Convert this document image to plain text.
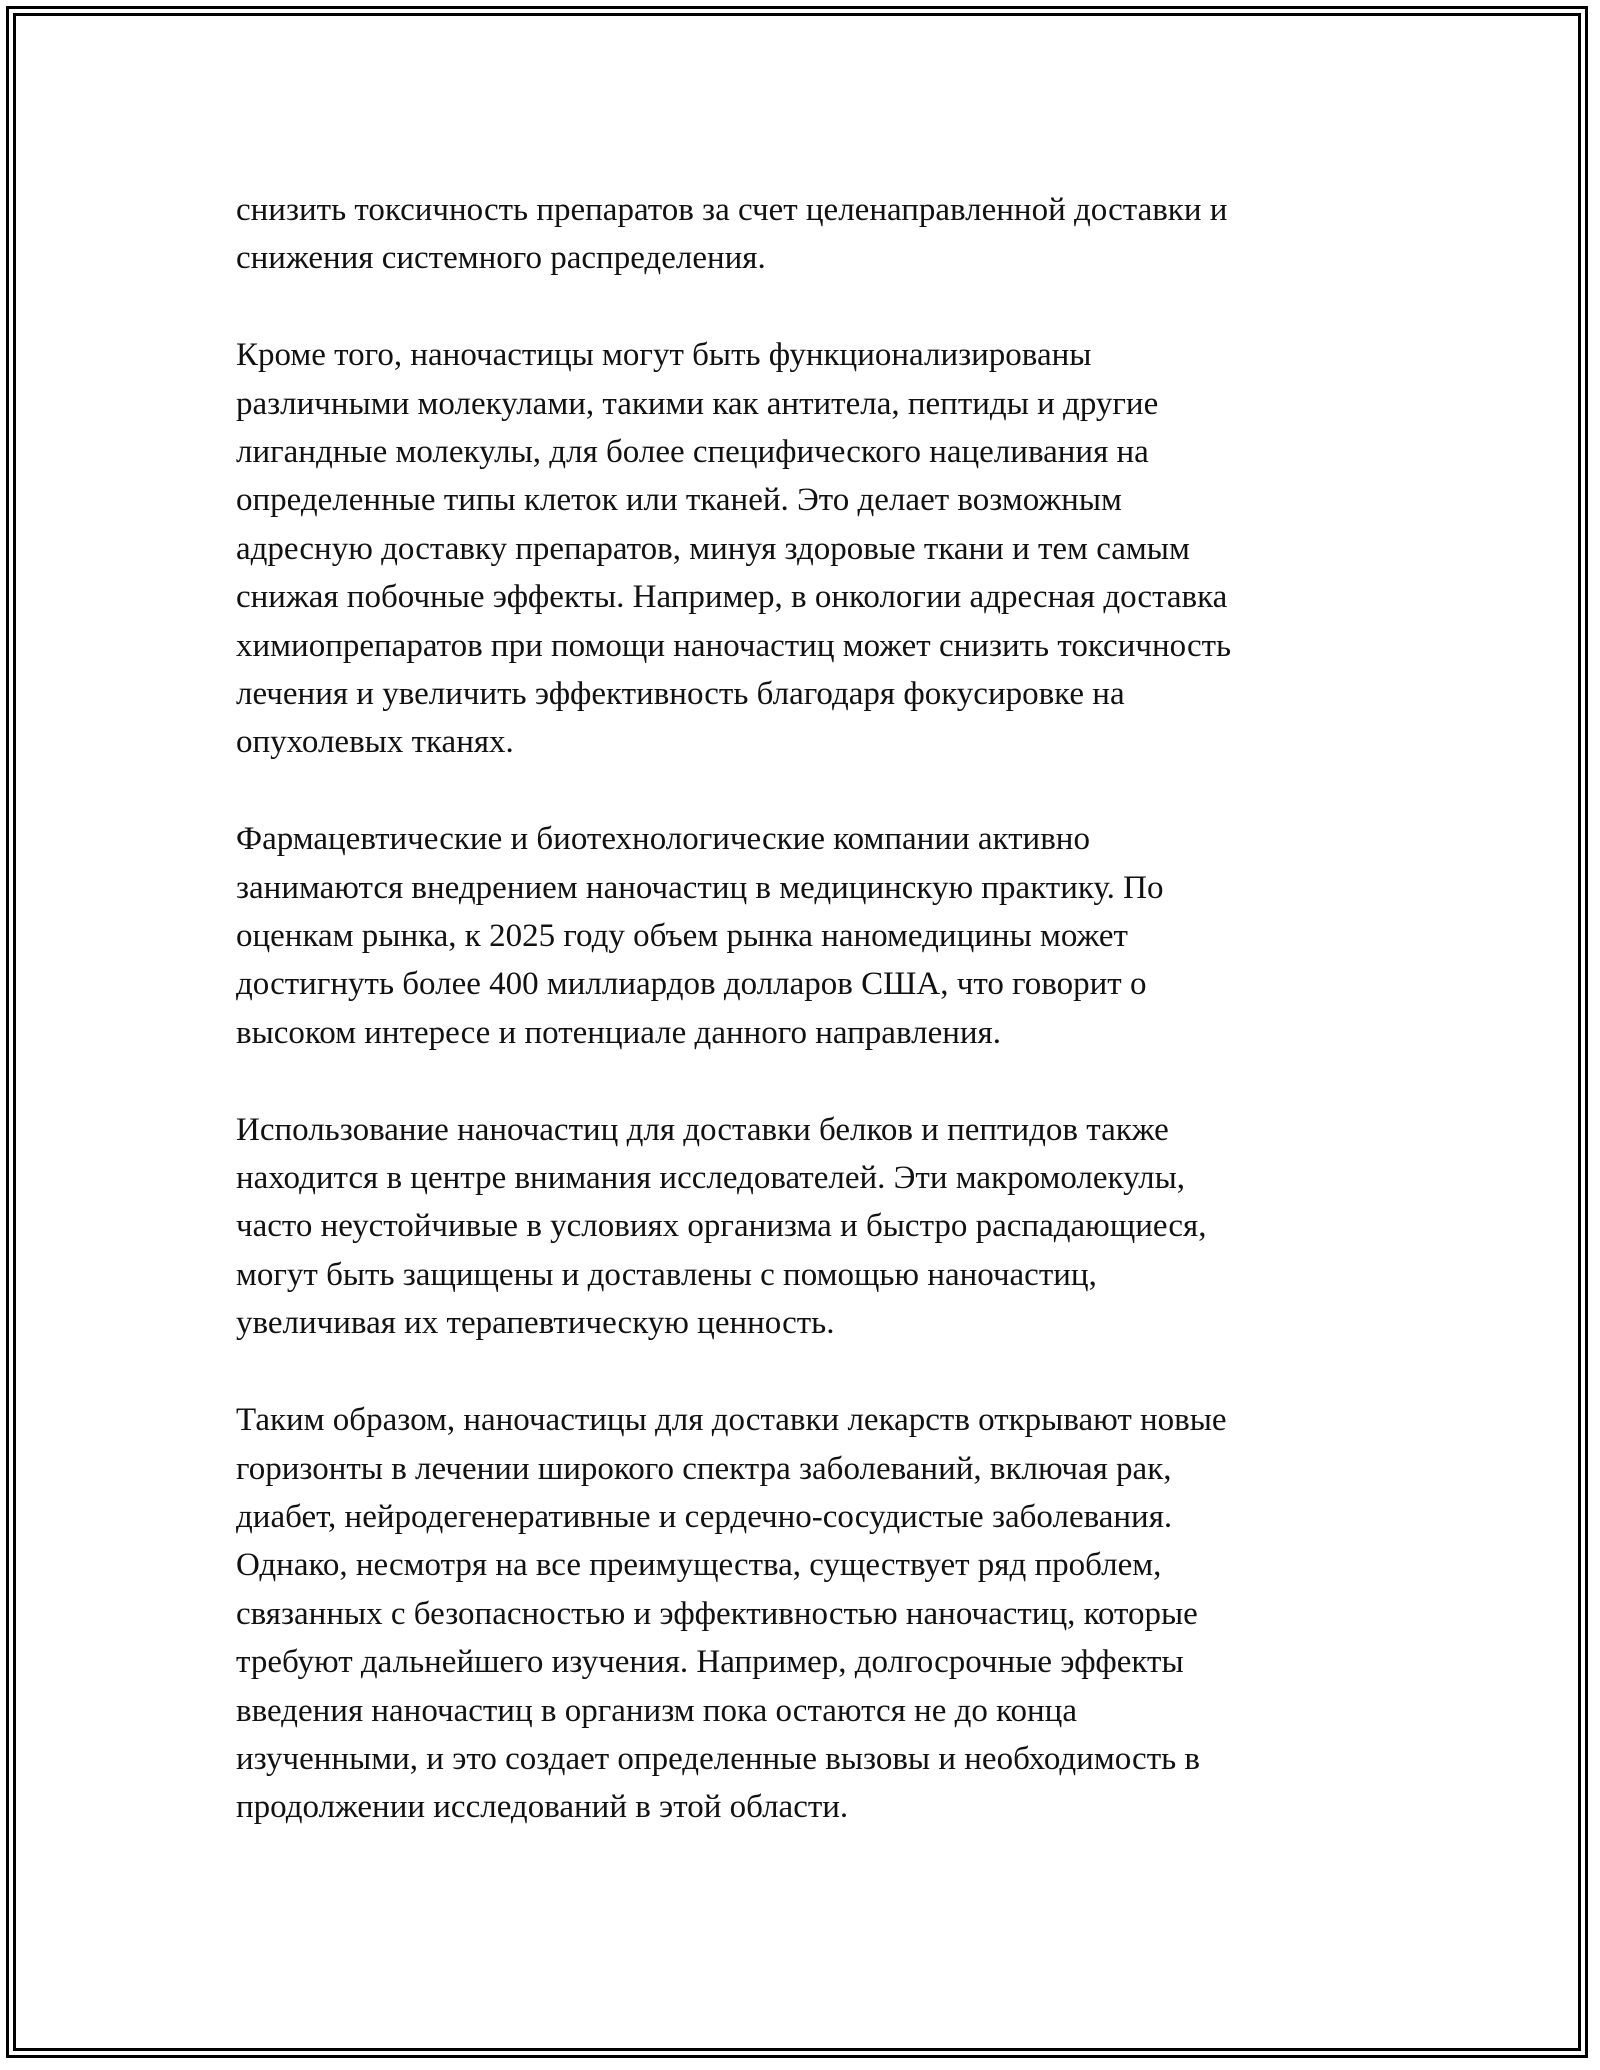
снизить токсичность препаратов за счет целенаправленной доставки и
снижения системного распределения.

Кроме того, наночастицы могут быть функционализированы
различными молекулами, такими как антитела, пептиды и другие
лигандные молекулы, для более специфического нацеливания на
определенные типы клеток или тканей. Это делает возможным
адресную доставку препаратов, минуя здоровые ткани и тем самым
снижая побочные эффекты. Например, в онкологии адресная доставка
химиопрепаратов при помощи наночастиц может снизить токсичность
лечения и увеличить эффективность благодаря фокусировке на
опухолевых тканях.

Фармацевтические и биотехнологические компании активно
занимаются внедрением наночастиц в медицинскую практику. По
оценкам рынка, к 2025 году объем рынка наномедицины может
достигнуть более 400 миллиардов долларов США, что говорит о
высоком интересе и потенциале данного направления.

Использование наночастиц для доставки белков и пептидов также
находится в центре внимания исследователей. Эти макромолекулы,
часто неустойчивые в условиях организма и быстро распадающиеся,
могут быть защищены и доставлены с помощью наночастиц,
увеличивая их терапевтическую ценность.

Таким образом, наночастицы для доставки лекарств открывают новые
горизонты в лечении широкого спектра заболеваний, включая рак,
диабет, нейродегенеративные и сердечно-сосудистые заболевания.
Однако, несмотря на все преимущества, существует ряд проблем,
связанных с безопасностью и эффективностью наночастиц, которые
требуют дальнейшего изучения. Например, долгосрочные эффекты
введения наночастиц в организм пока остаются не до конца
изученными, и это создает определенные вызовы и необходимость в
продолжении исследований в этой области.
